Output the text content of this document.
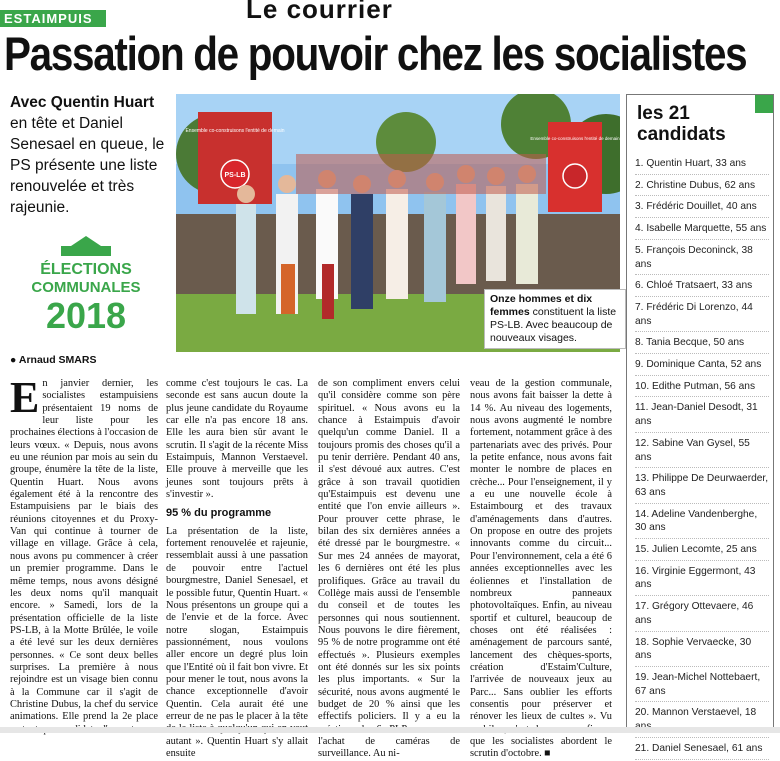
ESTAIMPUIS	Le courrier
Passation de pouvoir chez les socialistes
Avec Quentin Huart en tête et Daniel Senesael en queue, le PS présente une liste renouvelée et très rajeunie.
ÉLECTIONS
COMMUNALES
2018
● Arnaud SMARS
Ensemble co-construisons l'entité de demain
PS-LB
Ensemble co-construisons l'entité de demain
Onze hommes et dix femmes constituent la liste PS-LB. Avec beaucoup de nouveaux visages.
E n janvier dernier, les socialistes estampuisiens présentaient 19 noms de leur liste pour les prochaines élections à l'occasion de leurs vœux. « Depuis, nous avons eu une réunion par mois au sein du groupe, énumère la tête de la liste, Quentin Huart. Nous avons également été à la rencontre des Estampuisiens par le biais des réunions citoyennes et du Proxy-Van qui continue à tourner de village en village. Grâce à cela, nous avons pu commencer à créer un premier programme. Dans le même temps, nous avons désigné les deux noms qu'il manquait encore. » Samedi, lors de la présentation officielle de la liste PS-LB, à la Motte Brûlée, le voile a été levé sur les deux dernières personnes. « Ce sont deux belles surprises. La première à nous rejoindre est un visage bien connu à la Commune car il s'agit de Christine Dubus, la chef du service animations. Elle prend la 2e place

comme c'est toujours le cas. La seconde est sans aucun doute la plus jeune candidate du Royaume car elle n'a pas encore 18 ans. Elle les aura bien sûr avant le scrutin. Il s'agit de la récente Miss Estaimpuis, Mannon Verstaevel. Elle prouve à merveille que les jeunes sont toujours prêts à s'investir ».

95 % du programme

La présentation de la liste, fortement renouvelée et rajeunie, ressemblait aussi à une passation de pouvoir entre l'actuel bourgmestre, Daniel Senesael, et le possible futur, Quentin Huart. « Nous présentons un groupe qui a de l'envie et de la force. Avec notre slogan, Estaimpuis passionnément, nous voulons aller encore un degré plus loin que l'Entité où il fait bon vivre. Et pour mener le tout, nous avons la chance exceptionnelle d'avoir Quentin. Cela aurait été une erreur de ne pas le placer à la tête autant ». Quentin Huart s'y allait ensuite

de son compliment envers celui qu'il considère comme son père spirituel. « Nous avons eu la chance à Estaimpuis d'avoir quelqu'un comme Daniel. Il a toujours promis des choses qu'il a pu tenir derrière. Pendant 40 ans, il s'est dévoué aux autres. C'est grâce à son travail quotidien qu'Estaimpuis est devenu une entité que l'on envie ailleurs ». Pour prouver cette phrase, le bilan des six dernières années a été dressé par le bourgmestre. « Sur mes 24 années de mayorat, les 6 dernières ont été les plus prolifiques. Grâce au travail du Collège mais aussi de l'ensemble du conseil et de toutes les personnes qui nous soutiennent. Nous pouvons le dire fièrement, 95 % de notre programme ont été effectués ». Plusieurs exemples ont été donnés sur les six points les plus importants. « Sur la sécurité, nous avons augmenté le budget de 20 % ainsi que les effectifs policiers. Il y a eu la l'achat de caméras de surveillance. Au ni-

veau de la gestion communale, nous avons fait baisser la dette à 14 %. Au niveau des logements, nous avons augmenté le nombre fortement, notamment grâce à des partenariats avec des privés. Pour la petite enfance, nous avons fait monter le nombre de places en crèche... Pour l'enseignement, il y a eu une nouvelle école à Estaimbourg et des travaux d'aménagements dans d'autres. On propose en outre des projets innovants comme du circuit... Pour l'environnement, cela a été 6 années exceptionnelles avec les éoliennes et l'installation de nombreux panneaux photovoltaïques. Enfin, au niveau sportif et culturel, beaucoup de choses ont été réalisées : aménagement de parcours santé, lancement des chèques-sports, création d'Estaim'Culture, l'arrivée de nouveaux jeux au Parc... Sans oublier les efforts consentis pour préserver et rénover les lieux de cultes ». Vu que les socialistes abordent le scrutin d'octobre. ■

les 21 candidats
1. Quentin Huart, 33 ans
2. Christine Dubus, 62 ans
3. Frédéric Douillet, 40 ans
4. Isabelle Marquette, 55 ans
5. François Deconinck, 38 ans
6. Chloé Tratsaert, 33 ans
7. Frédéric Di Lorenzo, 44 ans
8. Tania Becque, 50 ans
9. Dominique Canta, 52 ans
10. Edithe Putman, 56 ans
11. Jean-Daniel Desodt, 31 ans
12. Sabine Van Gysel, 55 ans
13. Philippe De Deurwaerder, 63 ans
14. Adeline Vandenberghe, 30 ans
15. Julien Lecomte, 25 ans
16. Virginie Eggermont, 43 ans
17. Grégory Ottevaere, 46 ans
18. Sophie Vervaecke, 30 ans
19. Jean-Michel Nottebaert, 67 ans
20. Mannon Verstaevel, 18
21. Daniel Senesael, 61 ans
